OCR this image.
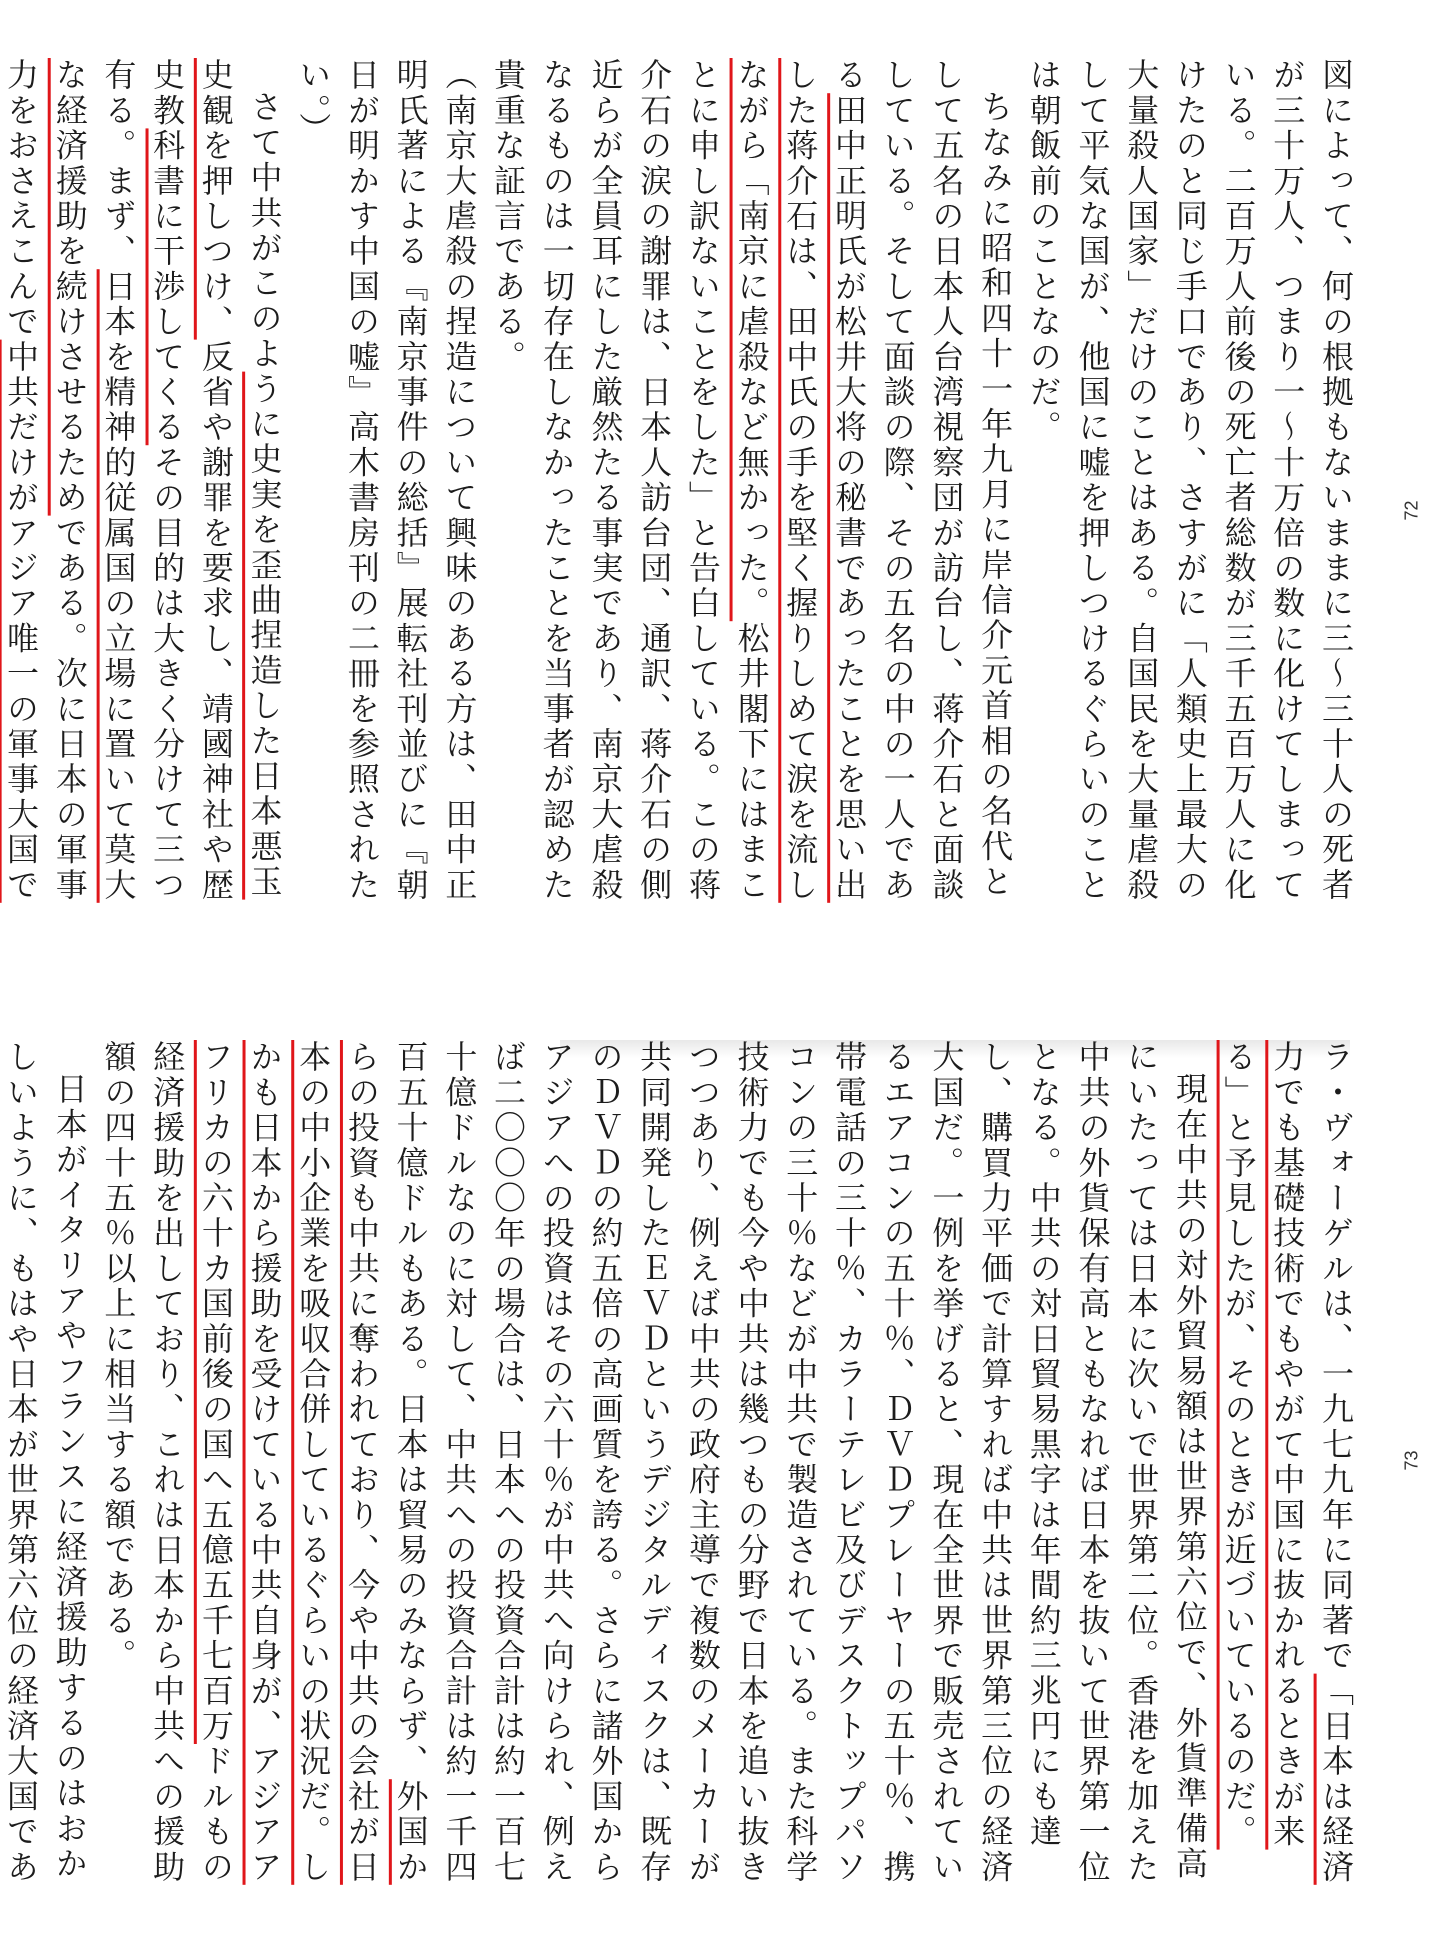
図によって、何の根拠もないままに三～三十人の死者が三十万人、つまり一～十万倍の数に化けてしまっている。二百万人前後の死亡者総数が三千五百万人に化けたのと同じ手口であり、さすがに「人類史上最大の大量殺人国家」だけのことはある。自国民を大量虐殺して平気な国が、他国に嘘を押しつけるぐらいのことは朝飯前のことなのだ。

ちなみに昭和四十一年九月に岸信介元首相の名代として五名の日本人台湾視察団が訪台し、蒋介石と面談している。そして面談の際、その五名の中の一人である田中正明氏が松井大将の秘書であったことを思い出した蒋介石は、田中氏の手を堅く握りしめて涙を流しながら「南京に虐殺など無かった。松井閣下にはまことに申し訳ないことをした」と告白している。この蒋介石の涙の謝罪は、日本人訪台団、通訳、蒋介石の側近らが全員耳にした厳然たる事実であり、南京大虐殺なるものは一切存在しなかったことを当事者が認めた貴重な証言である。

（南京大虐殺の捏造について興味のある方は、田中正明氏著による『南京事件の総括』展転社刊並びに『朝日が明かす中国の嘘』高木書房刊の二冊を参照されたい。）

さて中共がこのように史実を歪曲捏造した日本悪玉史観を押しつけ、反省や謝罪を要求し、靖國神社や歴史教科書に干渉してくるその目的は大きく分けて三つ有る。まず、日本を精神的従属国の立場に置いて莫大な経済援助を続けさせるためである。次に日本の軍事力をおさえこんで中共だけがアジア唯一の軍事大国で

72

ラ・ヴォーゲルは、一九七九年に同著で「日本は経済力でも基礎技術でもやがて中国に抜かれるときが来る」と予見したが、そのときが近づいているのだ。

現在中共の対外貿易額は世界第六位で、外貨準備高にいたっては日本に次いで世界第二位。香港を加えた中共の外貨保有高ともなれば日本を抜いて世界第一位となる。中共の対日貿易黒字は年間約三兆円にも達し、購買力平価で計算すれば中共は世界第三位の経済大国だ。一例を挙げると、現在全世界で販売されているエアコンの五十％、ＤＶＤプレーヤーの五十％、携帯電話の三十％、カラーテレビ及びデスクトップパソコンの三十％などが中共で製造されている。また科学技術力でも今や中共は幾つもの分野で日本を追い抜きつつあり、例えば中共の政府主導で複数のメーカーが共同開発したＥＶＤというデジタルディスクは、既存のＤＶＤの約五倍の高画質を誇る。さらに諸外国からアジアへの投資はその六十％が中共へ向けられ、例えば二〇〇〇年の場合は、日本への投資合計は約一百七十億ドルなのに対して、中共への投資合計は約一千四百五十億ドルもある。日本は貿易のみならず、外国からの投資も中共に奪われており、今や中共の会社が日本の中小企業を吸収合併しているぐらいの状況だ。しかも日本から援助を受けている中共自身が、アジアアフリカの六十カ国前後の国へ五億五千七百万ドルもの経済援助を出しており、これは日本から中共への援助額の四十五％以上に相当する額である。

日本がイタリアやフランスに経済援助するのはおかしいように、もはや日本が世界第六位の経済大国であ

73
